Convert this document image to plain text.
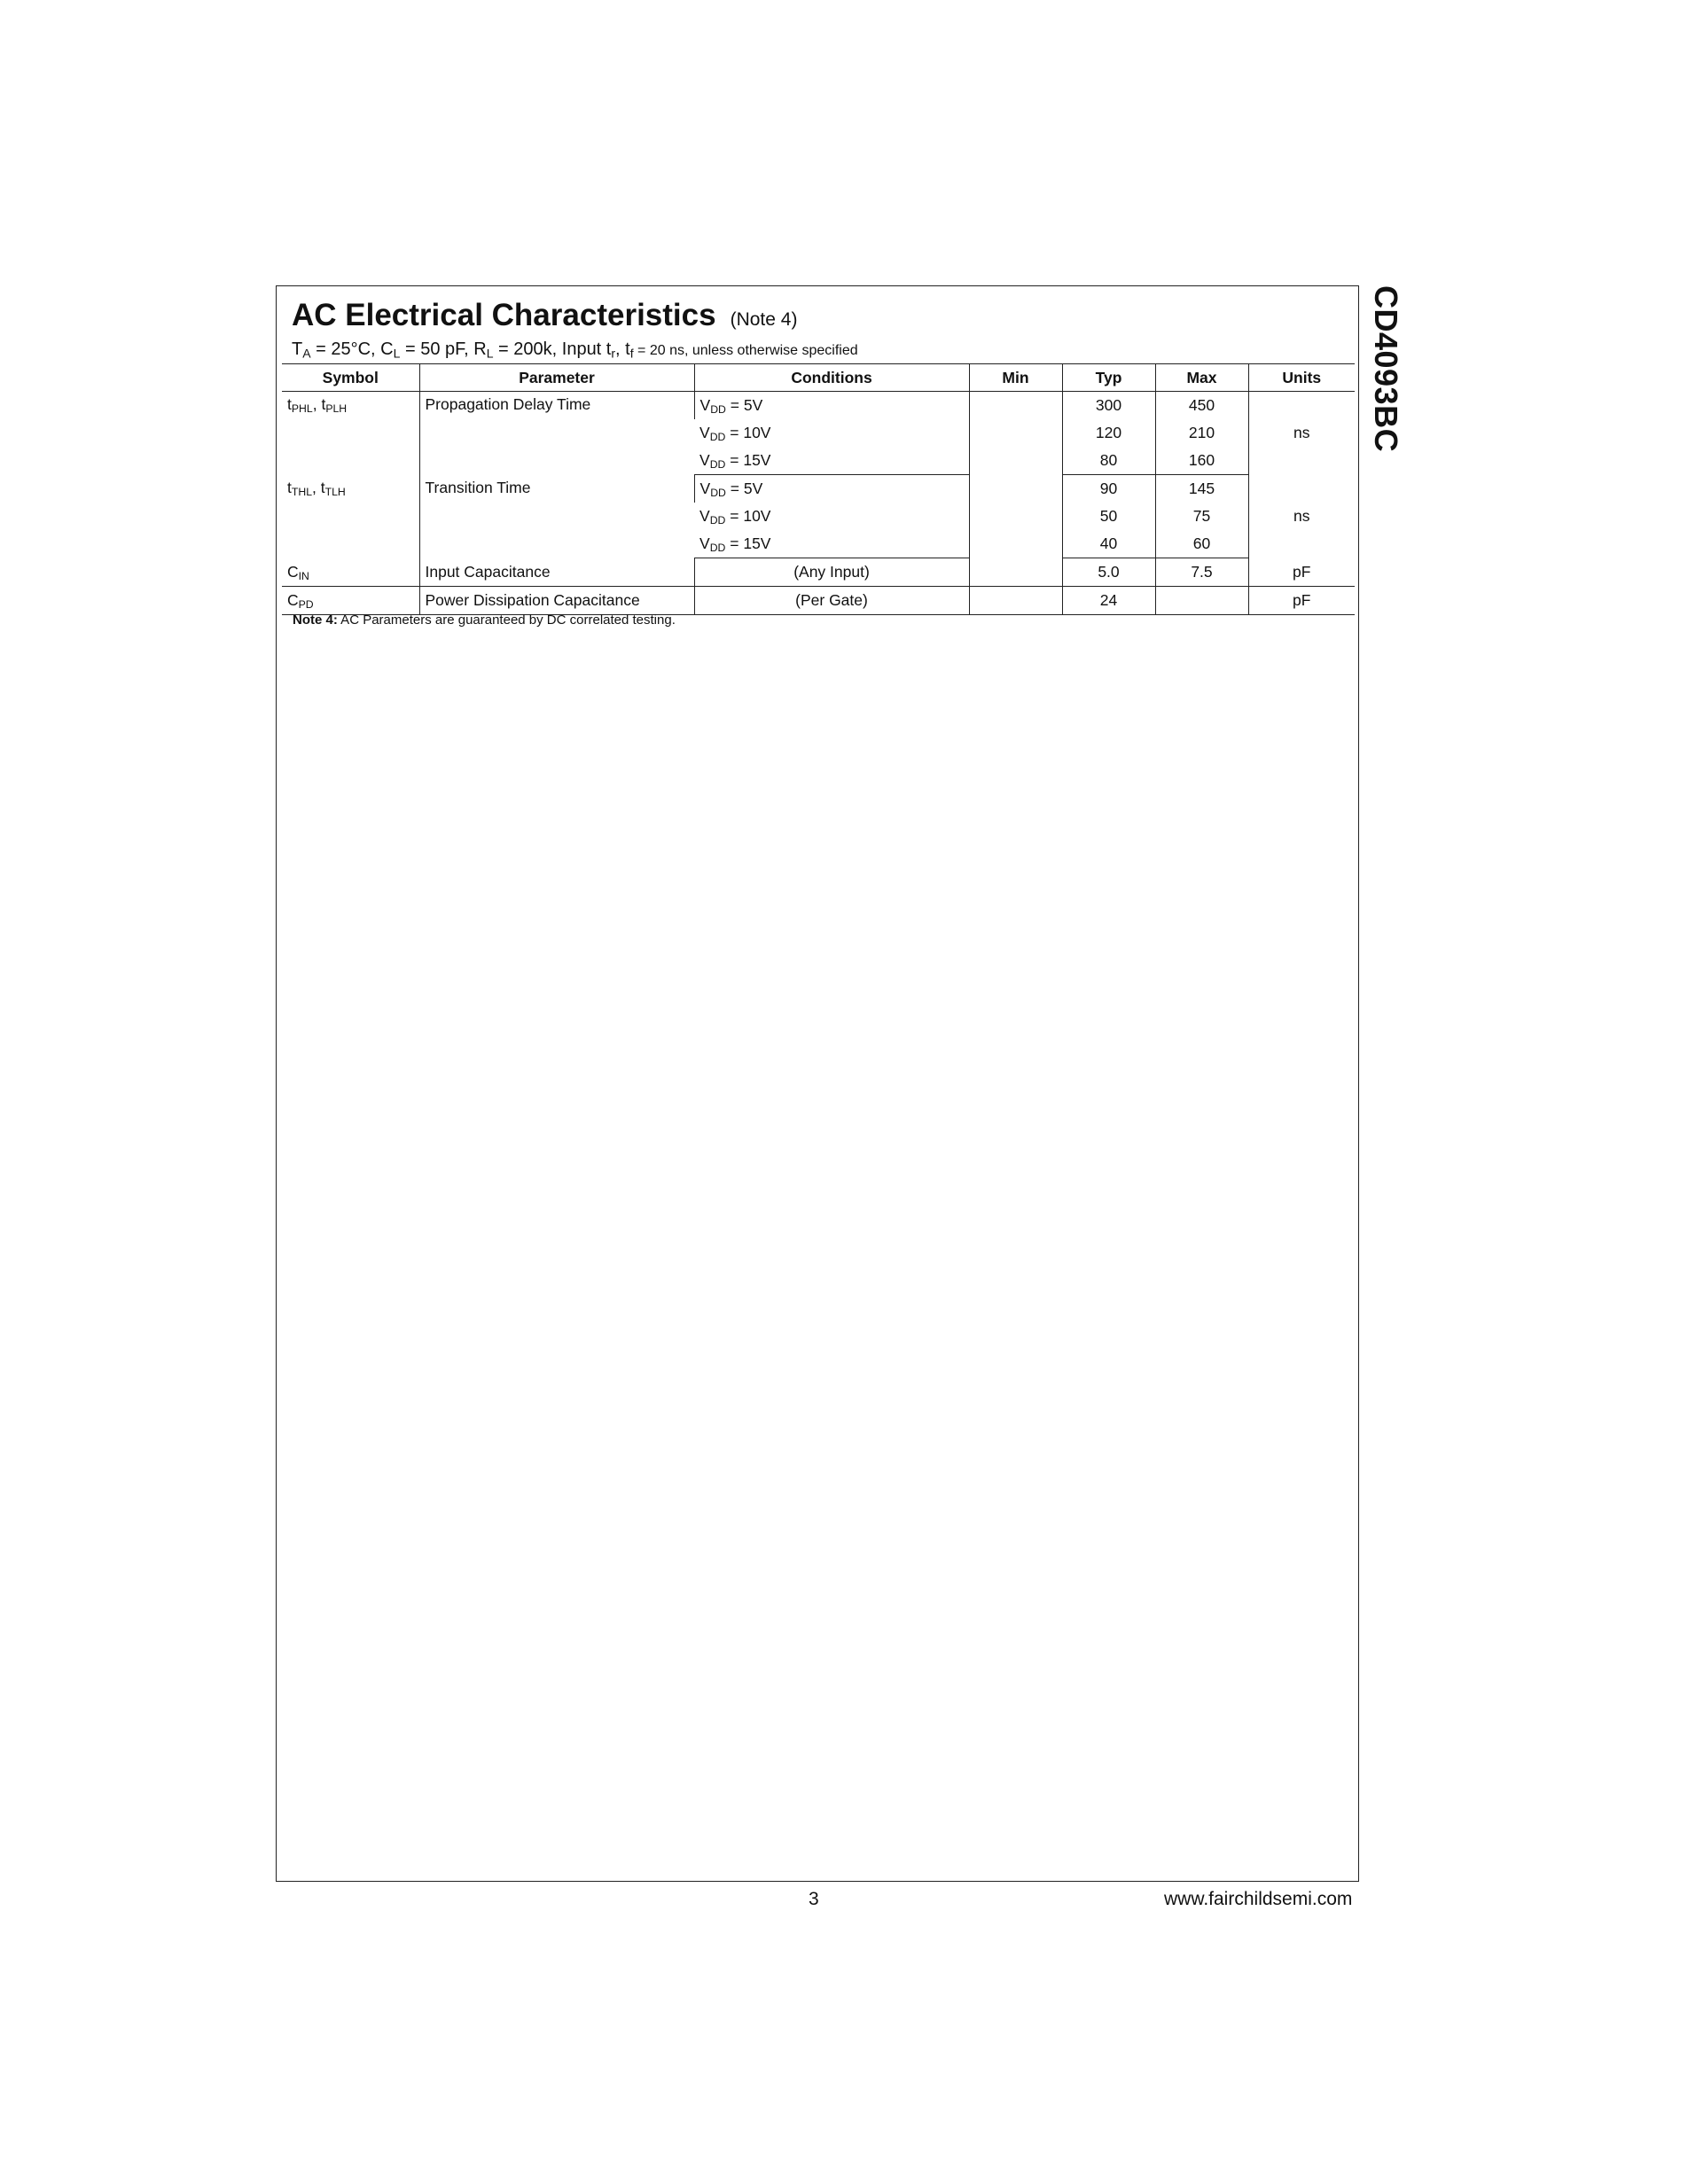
CD4093BC
AC Electrical Characteristics (Note 4)
$T_A = 25^\circ C$, $C_L = 50$ pF, $R_L = 200k$, Input $t_r$, $t_f = 20$ ns, unless otherwise specified
Symbol	Parameter	Conditions	Min	Typ	Max	Units
$t_{PHL}$, $t_{PLH}$	Propagation Delay Time	$V_{DD} = 5V$		300	450	ns
		$V_{DD} = 10V$		120	210	
		$V_{DD} = 15V$		80	160	
$t_{THL}$, $t_{TLH}$	Transition Time	$V_{DD} = 5V$		90	145	ns
		$V_{DD} = 10V$		50	75	
		$V_{DD} = 15V$		40	60	
$C_{IN}$	Input Capacitance	(Any Input)		5.0	7.5	pF
$C_{PD}$	Power Dissipation Capacitance	(Per Gate)		24		pF
Note 4: AC Parameters are guaranteed by DC correlated testing.
3	www.fairchildsemi.com
